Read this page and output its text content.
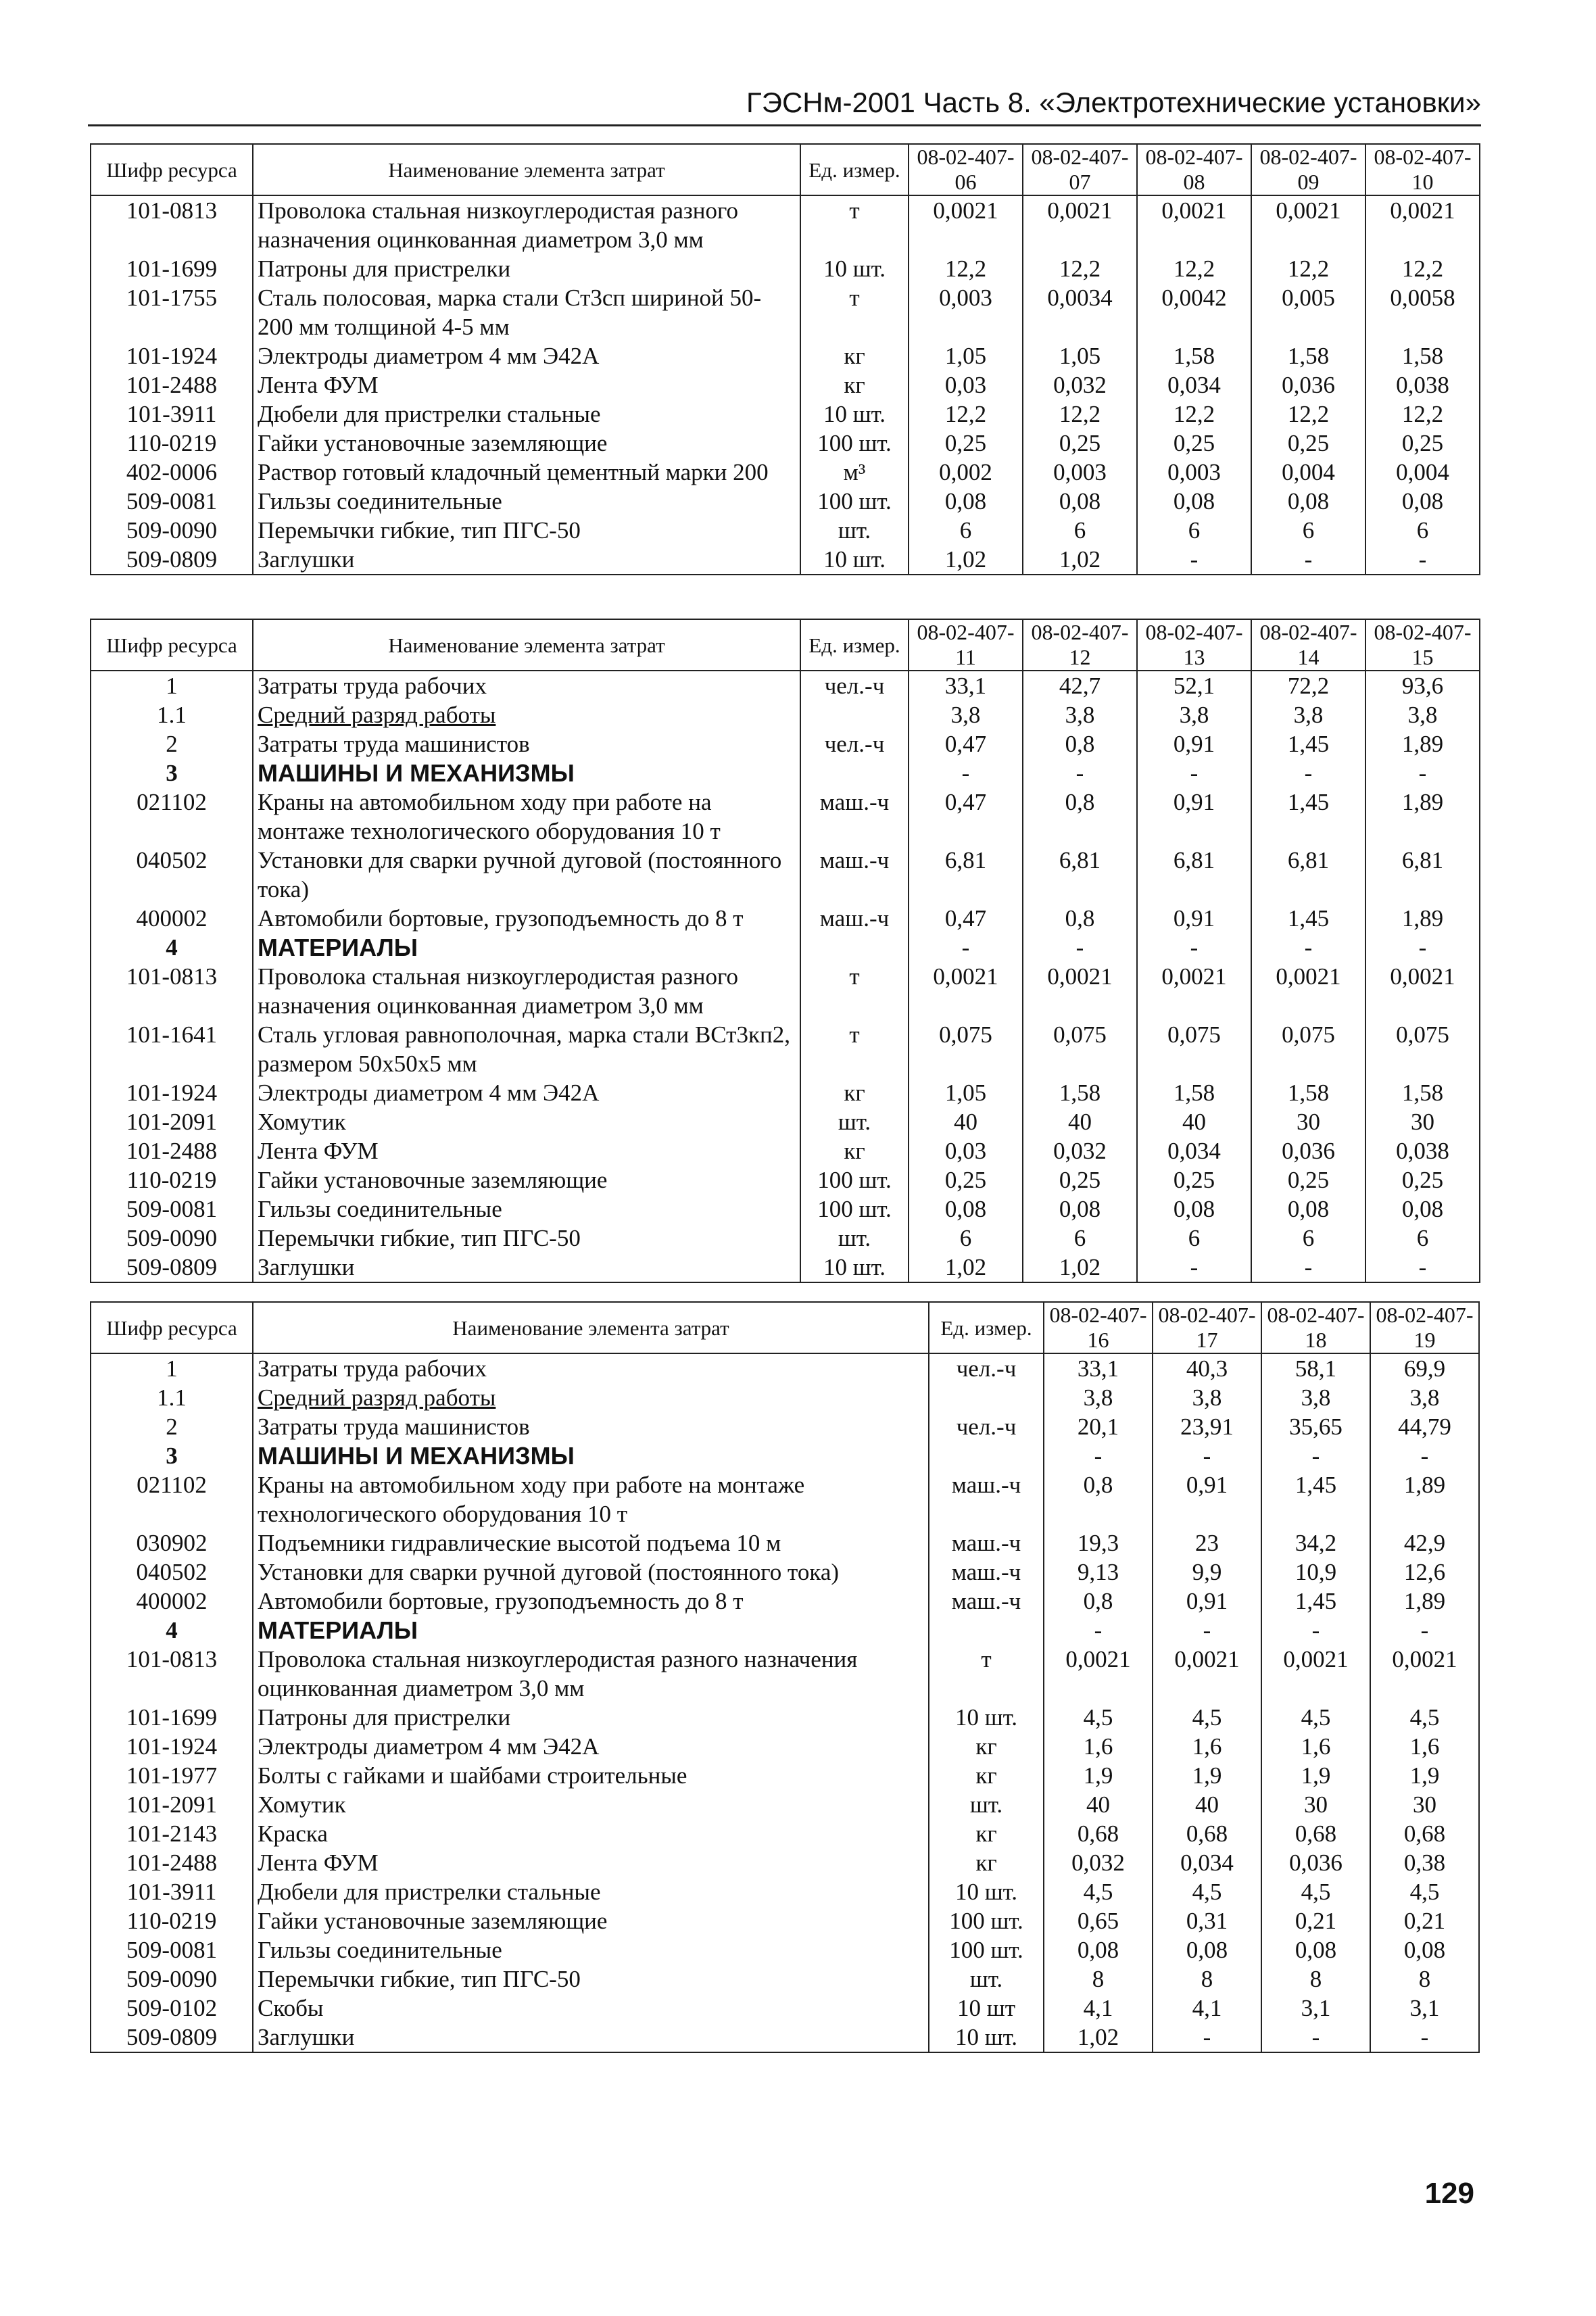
ГЭСНм-2001 Часть 8. «Электротехнические установки»
Шифр ресурса	Наименование элемента затрат	Ед. измер.	08-02-407-06	08-02-407-07	08-02-407-08	08-02-407-09	08-02-407-10
101-0813	Проволока стальная низкоуглеродистая разного назначения оцинкованная диаметром 3,0 мм	т	0,0021	0,0021	0,0021	0,0021	0,0021
101-1699	Патроны для пристрелки	10 шт.	12,2	12,2	12,2	12,2	12,2
101-1755	Сталь полосовая, марка стали Ст3сп шириной 50-200 мм толщиной 4-5 мм	т	0,003	0,0034	0,0042	0,005	0,0058
101-1924	Электроды диаметром 4 мм Э42А	кг	1,05	1,05	1,58	1,58	1,58
101-2488	Лента ФУМ	кг	0,03	0,032	0,034	0,036	0,038
101-3911	Дюбели для пристрелки стальные	10 шт.	12,2	12,2	12,2	12,2	12,2
110-0219	Гайки установочные заземляющие	100 шт.	0,25	0,25	0,25	0,25	0,25
402-0006	Раствор готовый кладочный цементный марки 200	м³	0,002	0,003	0,003	0,004	0,004
509-0081	Гильзы соединительные	100 шт.	0,08	0,08	0,08	0,08	0,08
509-0090	Перемычки гибкие, тип ПГС-50	шт.	6	6	6	6	6
509-0809	Заглушки	10 шт.	1,02	1,02	-	-	-
Шифр ресурса	Наименование элемента затрат	Ед. измер.	08-02-407-11	08-02-407-12	08-02-407-13	08-02-407-14	08-02-407-15
1	Затраты труда рабочих	чел.-ч	33,1	42,7	52,1	72,2	93,6
1.1	Средний разряд работы		3,8	3,8	3,8	3,8	3,8
2	Затраты труда машинистов	чел.-ч	0,47	0,8	0,91	1,45	1,89
3	МАШИНЫ И МЕХАНИЗМЫ		-	-	-	-	-
021102	Краны на автомобильном ходу при работе на монтаже технологического оборудования 10 т	маш.-ч	0,47	0,8	0,91	1,45	1,89
040502	Установки для сварки ручной дуговой (постоянного тока)	маш.-ч	6,81	6,81	6,81	6,81	6,81
400002	Автомобили бортовые, грузоподъемность до 8 т	маш.-ч	0,47	0,8	0,91	1,45	1,89
4	МАТЕРИАЛЫ		-	-	-	-	-
101-0813	Проволока стальная низкоуглеродистая разного назначения оцинкованная диаметром 3,0 мм	т	0,0021	0,0021	0,0021	0,0021	0,0021
101-1641	Сталь угловая равнополочная, марка стали ВСт3кп2, размером 50х50х5 мм	т	0,075	0,075	0,075	0,075	0,075
101-1924	Электроды диаметром 4 мм Э42А	кг	1,05	1,58	1,58	1,58	1,58
101-2091	Хомутик	шт.	40	40	40	30	30
101-2488	Лента ФУМ	кг	0,03	0,032	0,034	0,036	0,038
110-0219	Гайки установочные заземляющие	100 шт.	0,25	0,25	0,25	0,25	0,25
509-0081	Гильзы соединительные	100 шт.	0,08	0,08	0,08	0,08	0,08
509-0090	Перемычки гибкие, тип ПГС-50	шт.	6	6	6	6	6
509-0809	Заглушки	10 шт.	1,02	1,02	-	-	-
Шифр ресурса	Наименование элемента затрат	Ед. измер.	08-02-407-16	08-02-407-17	08-02-407-18	08-02-407-19
1	Затраты труда рабочих	чел.-ч	33,1	40,3	58,1	69,9
1.1	Средний разряд работы		3,8	3,8	3,8	3,8
2	Затраты труда машинистов	чел.-ч	20,1	23,91	35,65	44,79
3	МАШИНЫ И МЕХАНИЗМЫ		-	-	-	-
021102	Краны на автомобильном ходу при работе на монтаже технологического оборудования 10 т	маш.-ч	0,8	0,91	1,45	1,89
030902	Подъемники гидравлические высотой подъема 10 м	маш.-ч	19,3	23	34,2	42,9
040502	Установки для сварки ручной дуговой (постоянного тока)	маш.-ч	9,13	9,9	10,9	12,6
400002	Автомобили бортовые, грузоподъемность до 8 т	маш.-ч	0,8	0,91	1,45	1,89
4	МАТЕРИАЛЫ		-	-	-	-
101-0813	Проволока стальная низкоуглеродистая разного назначения оцинкованная диаметром 3,0 мм	т	0,0021	0,0021	0,0021	0,0021
101-1699	Патроны для пристрелки	10 шт.	4,5	4,5	4,5	4,5
101-1924	Электроды диаметром 4 мм Э42А	кг	1,6	1,6	1,6	1,6
101-1977	Болты с гайками и шайбами строительные	кг	1,9	1,9	1,9	1,9
101-2091	Хомутик	шт.	40	40	30	30
101-2143	Краска	кг	0,68	0,68	0,68	0,68
101-2488	Лента ФУМ	кг	0,032	0,034	0,036	0,38
101-3911	Дюбели для пристрелки стальные	10 шт.	4,5	4,5	4,5	4,5
110-0219	Гайки установочные заземляющие	100 шт.	0,65	0,31	0,21	0,21
509-0081	Гильзы соединительные	100 шт.	0,08	0,08	0,08	0,08
509-0090	Перемычки гибкие, тип ПГС-50	шт.	8	8	8	8
509-0102	Скобы	10 шт	4,1	4,1	3,1	3,1
509-0809	Заглушки	10 шт.	1,02	-	-	-
129
